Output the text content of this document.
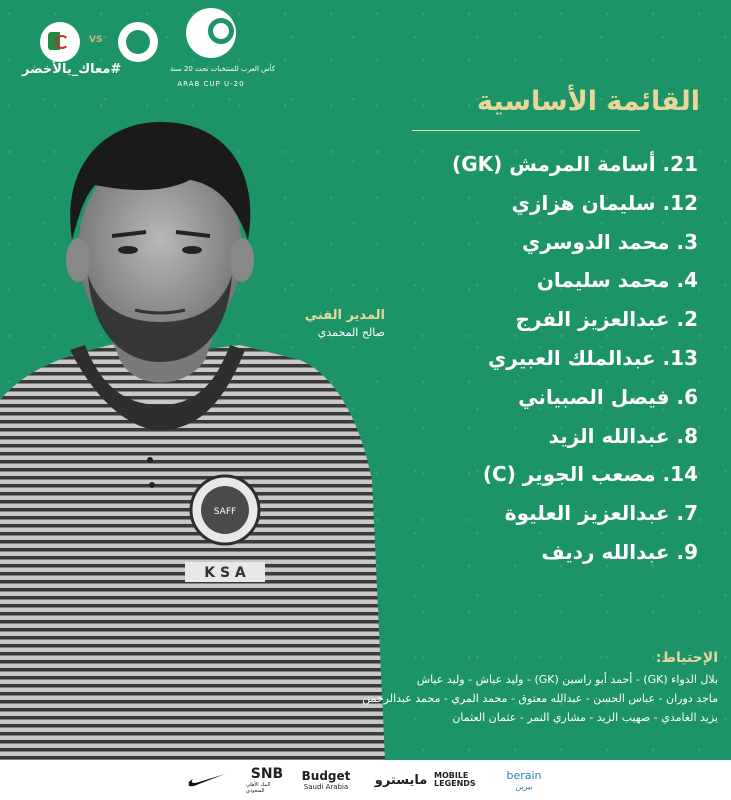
VS
#معاك_يالأخضر	كأس العرب للمنتخبات تحت 20 سنة
ARAB CUP U-20
SAFF
K S A
المدير الفني
صالح المحمدي
القائمة الأساسية
21. أسامة المرمش (GK)
12. سليمان هزازي
3. محمد الدوسري
4. محمد سليمان
2. عبدالعزيز الفرج
13. عبدالملك العبيري
6. فيصل الصبياني
8. عبدالله الزيد
14. مصعب الجوير (C)
7. عبدالعزيز العليوة
9. عبدالله رديف
الإحتياط:
بلال الدواء (GK) - أحمد أبو راسين (GK) - وليد عياش - وليد عياش
ماجد دوران - عباس الحسن - عبدالله معتوق - محمد المري - محمد عبدالرحمن
يزيد الغامدي - صهيب الزيد - مشاري النمر - عثمان العثمان
SNB
البنك الأهلي السعودي
Budget
Saudi Arabia مايسترو MOBILE LEGENDS
berain
بيرين
